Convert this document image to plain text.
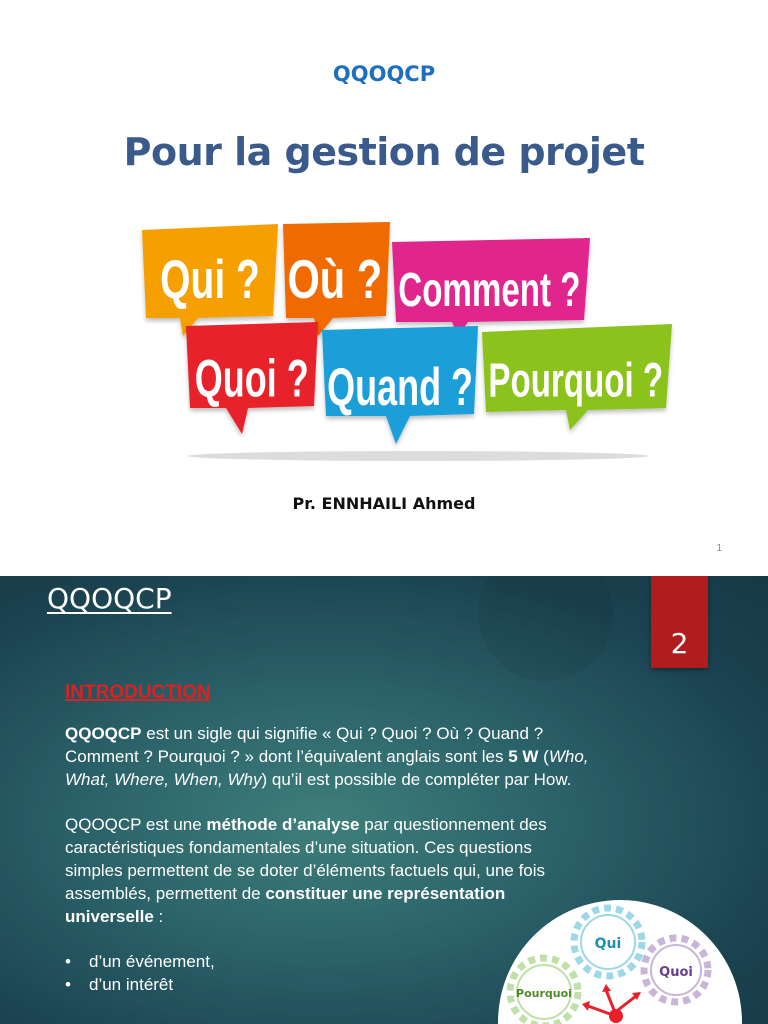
QQOQCP
Pour la gestion de projet
Qui ? Où ? Comment ?
Quoi ? Quand ? Pourquoi ?
Pr. ENNHAILI Ahmed
1
QQOQCP
2
INTRODUCTION

QQOQCP est un sigle qui signifie « Qui ? Quoi ? Où ? Quand ? Comment ? Pourquoi ? » dont l’équivalent anglais sont les 5 W (Who, What, Where, When, Why) qu’il est possible de compléter par How.

QQOQCP est une méthode d’analyse par questionnement des caractéristiques fondamentales d’une situation. Ces questions simples permettent de se doter d’éléments factuels qui, une fois assemblés, permettent de constituer une représentation universelle :

• d’un événement,
• d’un intérêt
Qui
Quoi
Pourquoi
